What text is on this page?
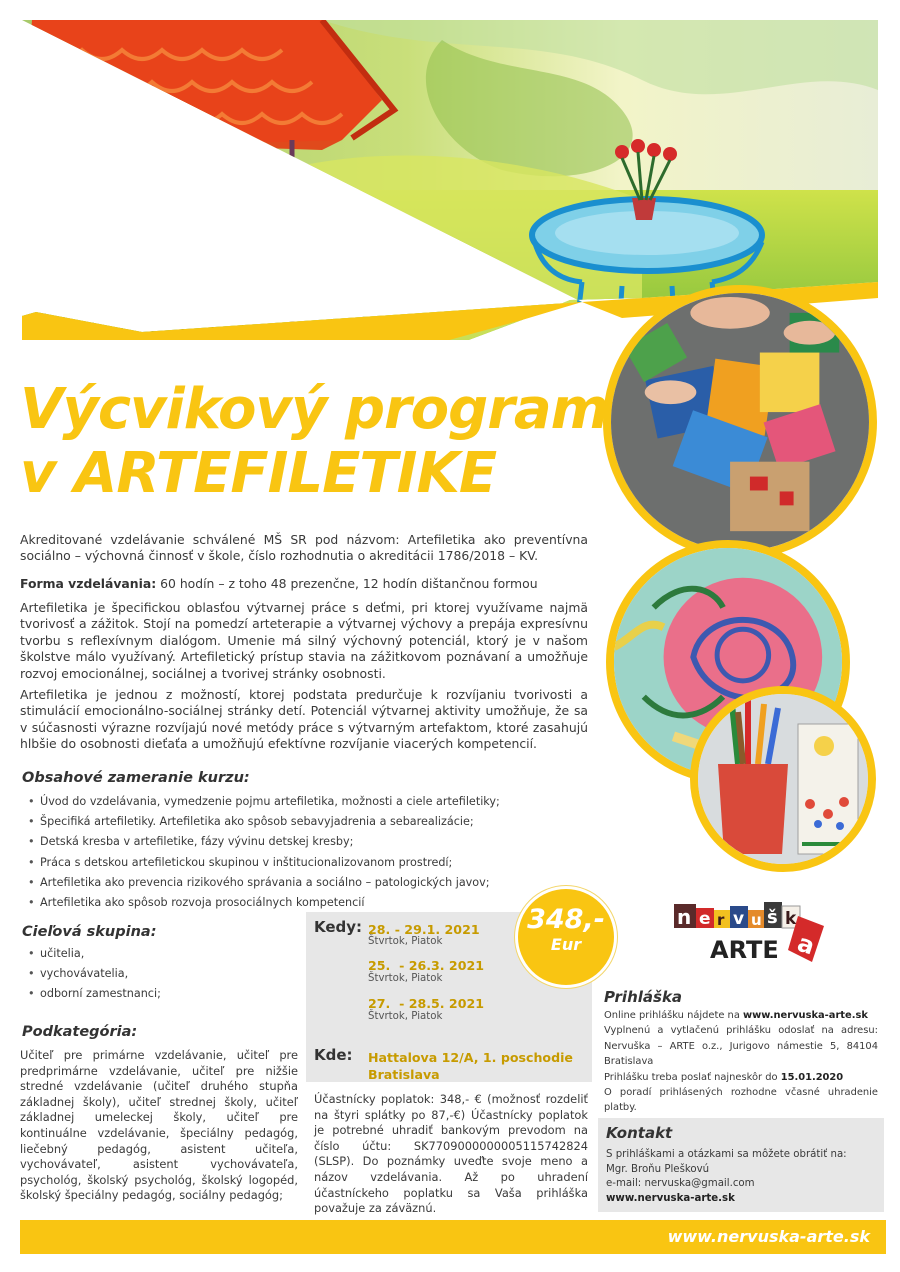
Výcvikový program
v ARTEFILETIKE

Akreditované vzdelávanie schválené MŠ SR pod názvom: Artefiletika ako preventívna sociálno – výchovná činnosť v škole, číslo rozhodnutia o akreditácii 1786/2018 – KV.

Forma vzdelávania: 60 hodín – z toho 48 prezenčne, 12 hodín dištančnou formou

Artefiletika je špecifickou oblasťou výtvarnej práce s deťmi, pri ktorej využívame najmä tvorivosť a zážitok. Stojí na pomedzí arteterapie a výtvarnej výchovy a prepája expresívnu tvorbu s reflexívnym dialógom. Umenie má silný výchovný potenciál, ktorý je v našom školstve málo využívaný. Artefiletický prístup stavia na zážitkovom poznávaní a umožňuje rozvoj emocionálnej, sociálnej a tvorivej stránky osobnosti.

Artefiletika je jednou z možností, ktorej podstata predurčuje k rozvíjaniu tvorivosti a stimulácií emocionálno-sociálnej stránky detí. Potenciál výtvarnej aktivity umožňuje, že sa v súčasnosti výrazne rozvíjajú nové metódy práce s výtvarným artefaktom, ktoré zasahujú hlbšie do osobnosti dieťaťa a umožňujú efektívne rozvíjanie viacerých kompetencií.

Obsahové zameranie kurzu:
• Úvod do vzdelávania, vymedzenie pojmu artefiletika, možnosti a ciele artefiletiky;
• Špecifiká artefiletiky. Artefiletika ako spôsob sebavyjadrenia a sebarealizácie;
• Detská kresba v artefiletike, fázy vývinu detskej kresby;
• Práca s detskou artefiletickou skupinou v inštitucionalizovanom prostredí;
• Artefiletika ako prevencia rizikového správania a sociálno – patologických javov;
• Artefiletika ako spôsob rozvoja prosociálnych kompetencií
Cieľová skupina:
• učitelia,
• vychovávatelia,
• odborní zamestnanci;
Podkategória:

Učiteľ pre primárne vzdelávanie, učiteľ pre predprimárne vzdelávanie, učiteľ pre nižšie stredné vzdelávanie (učiteľ druhého stupňa základnej školy), učiteľ strednej školy, učiteľ základnej umeleckej školy, učiteľ pre kontinuálne vzdelávanie, špeciálny pedagóg, liečebný pedagóg, asistent učiteľa, vychovávateľ, asistent vychovávateľa, psychológ, školský psychológ, školský logopéd, školský špeciálny pedagóg, sociálny pedagóg;

Kedy: 28. - 29.1. 2021
Štvrtok, Piatok
25.  - 26.3. 2021
Štvrtok, Piatok
27.  - 28.5. 2021
Štvrtok, Piatok
Kde: Hattalova 12/A, 1. poschodie
Bratislava

Účastnícky poplatok: 348,- € (možnosť rozdeliť na štyri splátky po 87,-€) Účastnícky poplatok je potrebné uhradiť bankovým prevodom na číslo účtu: SK7709000000005115742824 (SLSP). Do poznámky uveďte svoje meno a názov vzdelávania. Až po uhradení účastníckeho poplatku sa Vaša prihláška považuje za záväznú.

348,-
Eur
n e r v u š k
a
ARTE
Prihláška

Online prihlášku nájdete na www.nervuska-arte.sk

Vyplnenú a vytlačenú prihlášku odoslať na adresu: Nervuška – ARTE o.z., Jurigovo námestie 5, 84104 Bratislava

Prihlášku treba poslať najneskôr do 15.01.2020

O poradí prihlásených rozhodne včasné uhradenie platby.

Kontakt
S prihláškami a otázkami sa môžete obrátiť na:
Mgr. Broňu Pleškovú
e-mail: nervuska@gmail.com
www.nervuska-arte.sk
www.nervuska-arte.sk
